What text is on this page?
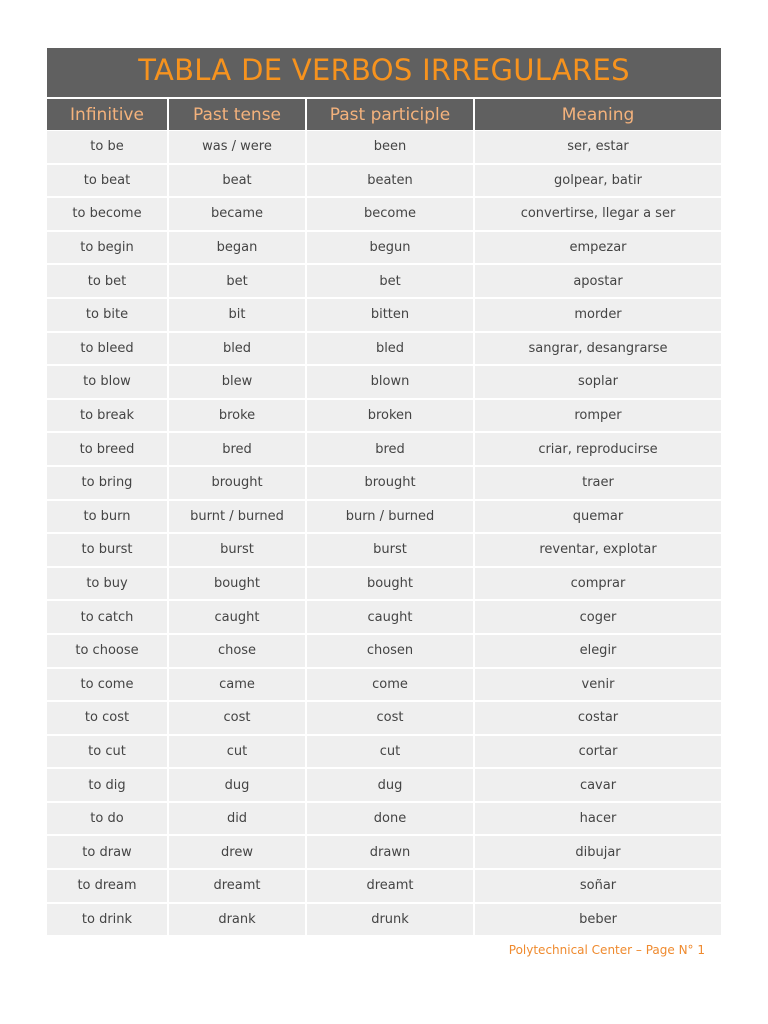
TABLA DE VERBOS IRREGULARES
Infinitive	Past tense	Past participle	Meaning
to be	was / were	been	ser, estar
to beat	beat	beaten	golpear, batir
to become	became	become	convertirse, llegar a ser
to begin	began	begun	empezar
to bet	bet	bet	apostar
to bite	bit	bitten	morder
to bleed	bled	bled	sangrar, desangrarse
to blow	blew	blown	soplar
to break	broke	broken	romper
to breed	bred	bred	criar, reproducirse
to bring	brought	brought	traer
to burn	burnt / burned	burn / burned	quemar
to burst	burst	burst	reventar, explotar
to buy	bought	bought	comprar
to catch	caught	caught	coger
to choose	chose	chosen	elegir
to come	came	come	venir
to cost	cost	cost	costar
to cut	cut	cut	cortar
to dig	dug	dug	cavar
to do	did	done	hacer
to draw	drew	drawn	dibujar
to dream	dreamt	dreamt	soñar
to drink	drank	drunk	beber
Polytechnical Center – Page N° 1
